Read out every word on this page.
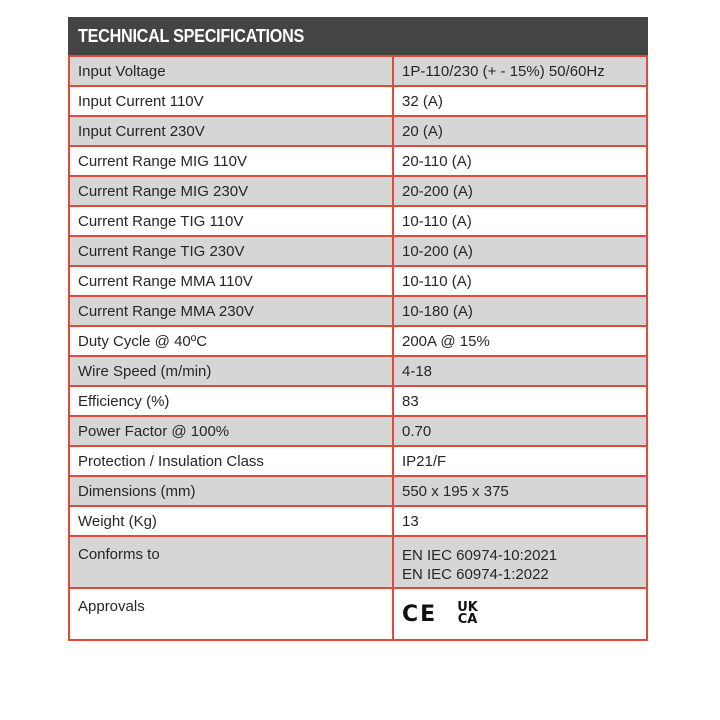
TECHNICAL SPECIFICATIONS
Input Voltage	1P-110/230 (+ - 15%) 50/60Hz
Input Current 110V	32 (A)
Input Current 230V	20 (A)
Current Range MIG 110V	20-110 (A)
Current Range MIG 230V	20-200 (A)
Current Range TIG 110V	10-110 (A)
Current Range TIG 230V	10-200 (A)
Current Range MMA 110V	10-110 (A)
Current Range MMA 230V	10-180 (A)
Duty Cycle @ 40ºC	200A @ 15%
Wire Speed (m/min)	4-18
Efficiency (%)	83
Power Factor @ 100%	0.70
Protection / Insulation Class	IP21/F
Dimensions (mm)	550 x 195 x 375
Weight (Kg)	13
Conforms to	EN IEC 60974-10:2021
EN IEC 60974-1:2022

Approvals	CE UK
CA
